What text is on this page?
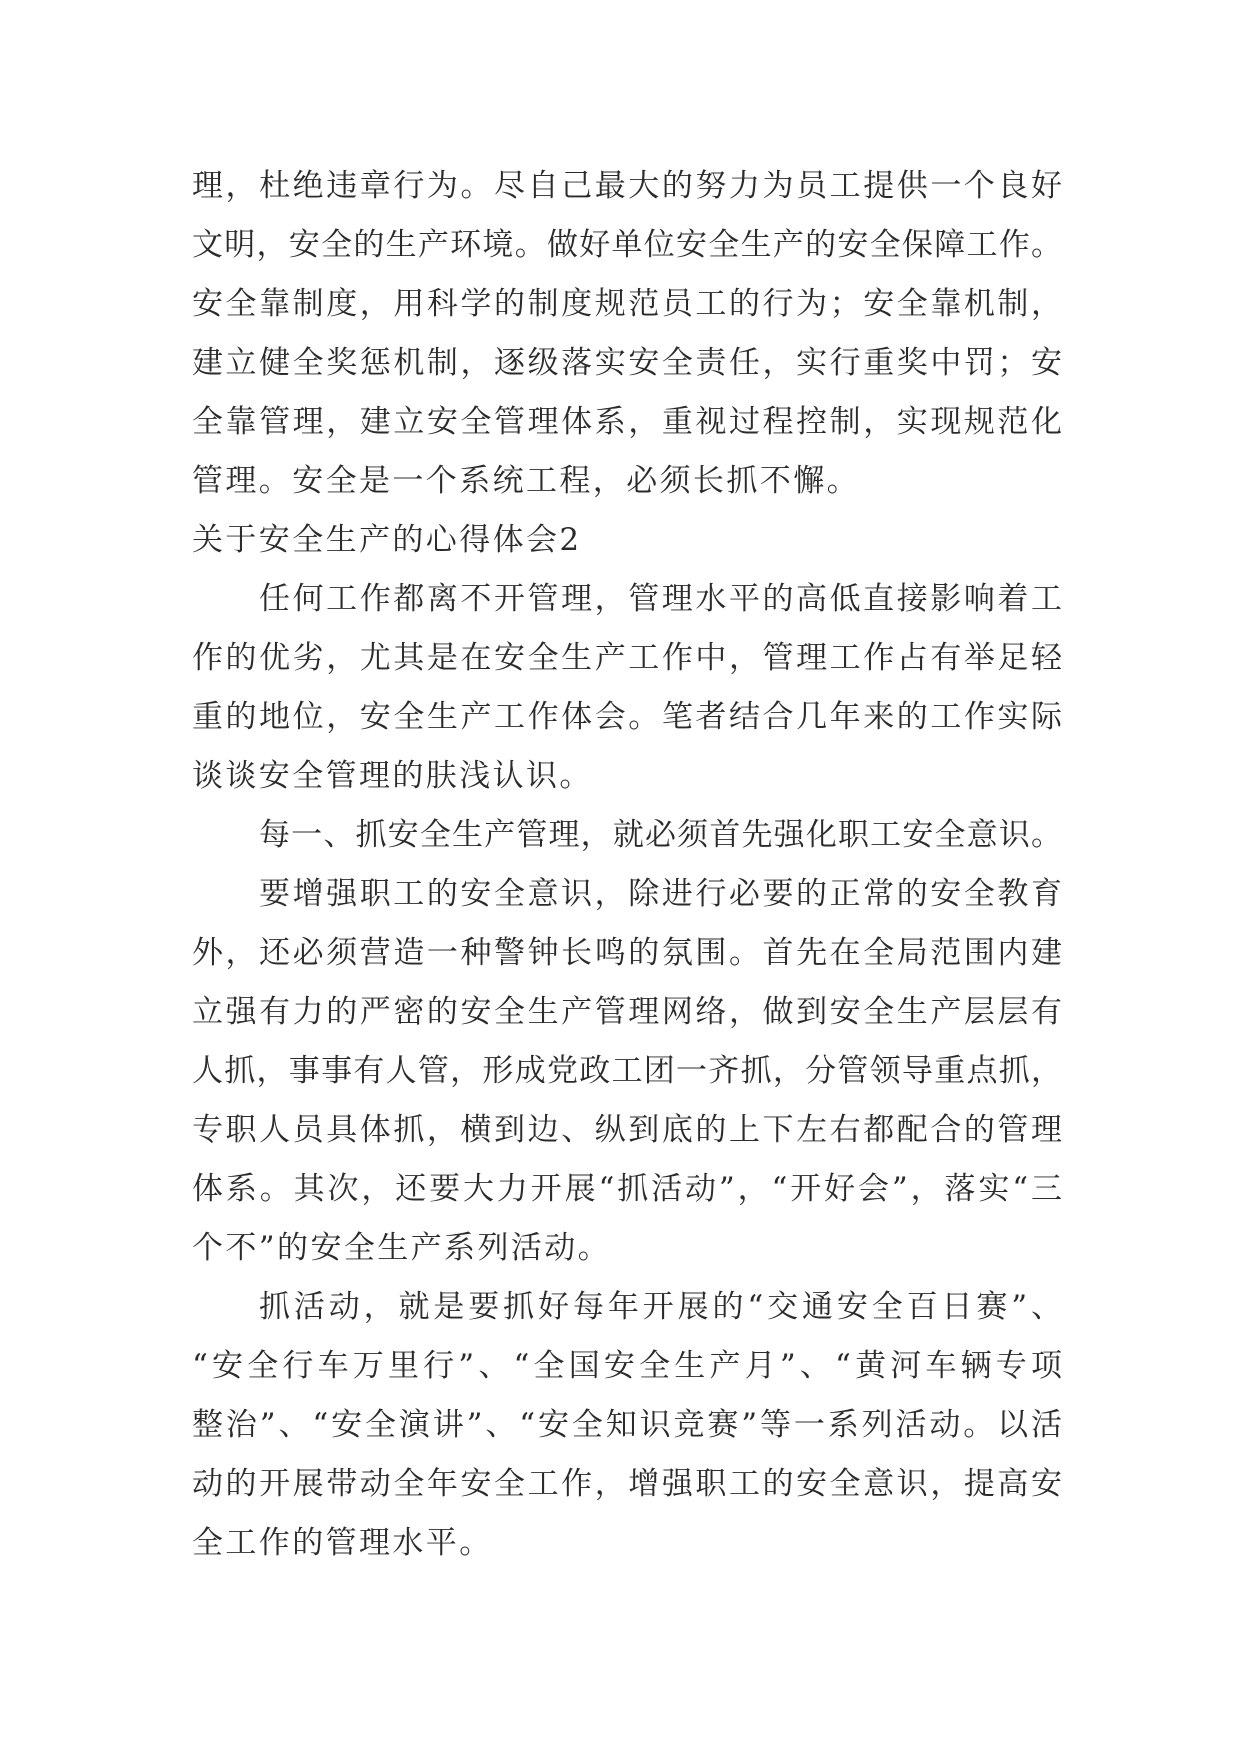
理，杜绝违章行为。尽自己最大的努力为员工提供一个良好
文明，安全的生产环境。做好单位安全生产的安全保障工作。
安全靠制度，用科学的制度规范员工的行为；安全靠机制，
建立健全奖惩机制，逐级落实安全责任，实行重奖中罚；安
全靠管理，建立安全管理体系，重视过程控制，实现规范化
管理。安全是一个系统工程，必须长抓不懈。
关于安全生产的心得体会2
任何工作都离不开管理，管理水平的高低直接影响着工
作的优劣，尤其是在安全生产工作中，管理工作占有举足轻
重的地位，安全生产工作体会。笔者结合几年来的工作实际
谈谈安全管理的肤浅认识。
每一、抓安全生产管理，就必须首先强化职工安全意识。
要增强职工的安全意识，除进行必要的正常的安全教育
外，还必须营造一种警钟长鸣的氛围。首先在全局范围内建
立强有力的严密的安全生产管理网络，做到安全生产层层有
人抓，事事有人管，形成党政工团一齐抓，分管领导重点抓，
专职人员具体抓，横到边、纵到底的上下左右都配合的管理
体系。其次，还要大力开展“抓活动”，“开好会”，落实“三
个不”的安全生产系列活动。
抓活动，就是要抓好每年开展的“交通安全百日赛”、
“安全行车万里行”、“全国安全生产月”、“黄河车辆专项
整治”、“安全演讲”、“安全知识竞赛”等一系列活动。以活
动的开展带动全年安全工作，增强职工的安全意识，提高安
全工作的管理水平。
